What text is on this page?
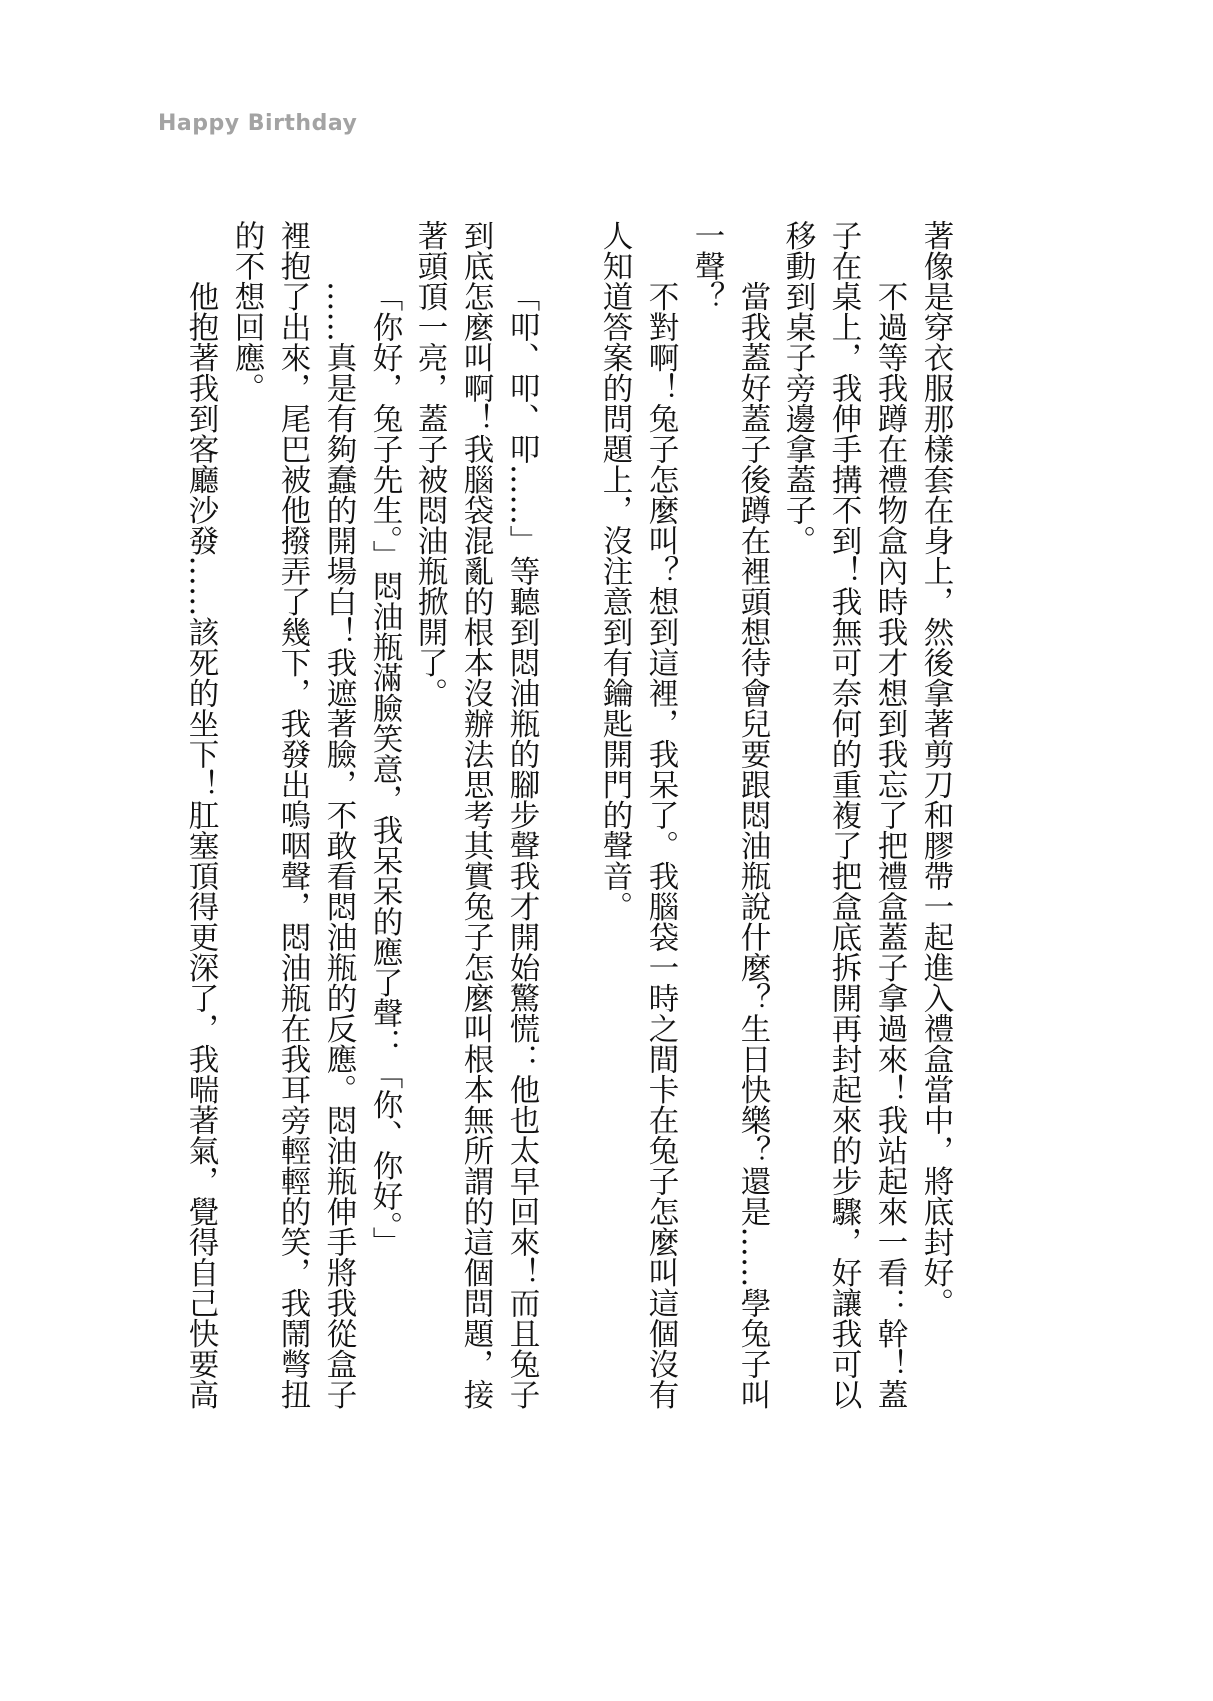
Happy Birthday
著像是穿衣服那樣套在身上，然後拿著剪刀和膠帶一起進入禮盒當中，將底封好。
不過等我蹲在禮物盒內時我才想到我忘了把禮盒蓋子拿過來！我站起來一看：幹！蓋
子在桌上，我伸手搆不到！我無可奈何的重複了把盒底拆開再封起來的步驟，好讓我可以
移動到桌子旁邊拿蓋子。
當我蓋好蓋子後蹲在裡頭想待會兒要跟悶油瓶說什麼？生日快樂？還是……學兔子叫
一聲？
不對啊！兔子怎麼叫？想到這裡，我呆了。我腦袋一時之間卡在兔子怎麼叫這個沒有
人知道答案的問題上，沒注意到有鑰匙開門的聲音。
「叩、叩、叩……」等聽到悶油瓶的腳步聲我才開始驚慌：他也太早回來！而且兔子
到底怎麼叫啊！我腦袋混亂的根本沒辦法思考其實兔子怎麼叫根本無所謂的這個問題，接
著頭頂一亮，蓋子被悶油瓶掀開了。
「你好，兔子先生。」悶油瓶滿臉笑意，我呆呆的應了聲：「你、你好。」
……真是有夠蠢的開場白！我遮著臉，不敢看悶油瓶的反應。悶油瓶伸手將我從盒子
裡抱了出來，尾巴被他撥弄了幾下，我發出嗚咽聲，悶油瓶在我耳旁輕輕的笑，我鬧彆扭
的不想回應。
他抱著我到客廳沙發……該死的坐下！肛塞頂得更深了，我喘著氣，覺得自己快要高
